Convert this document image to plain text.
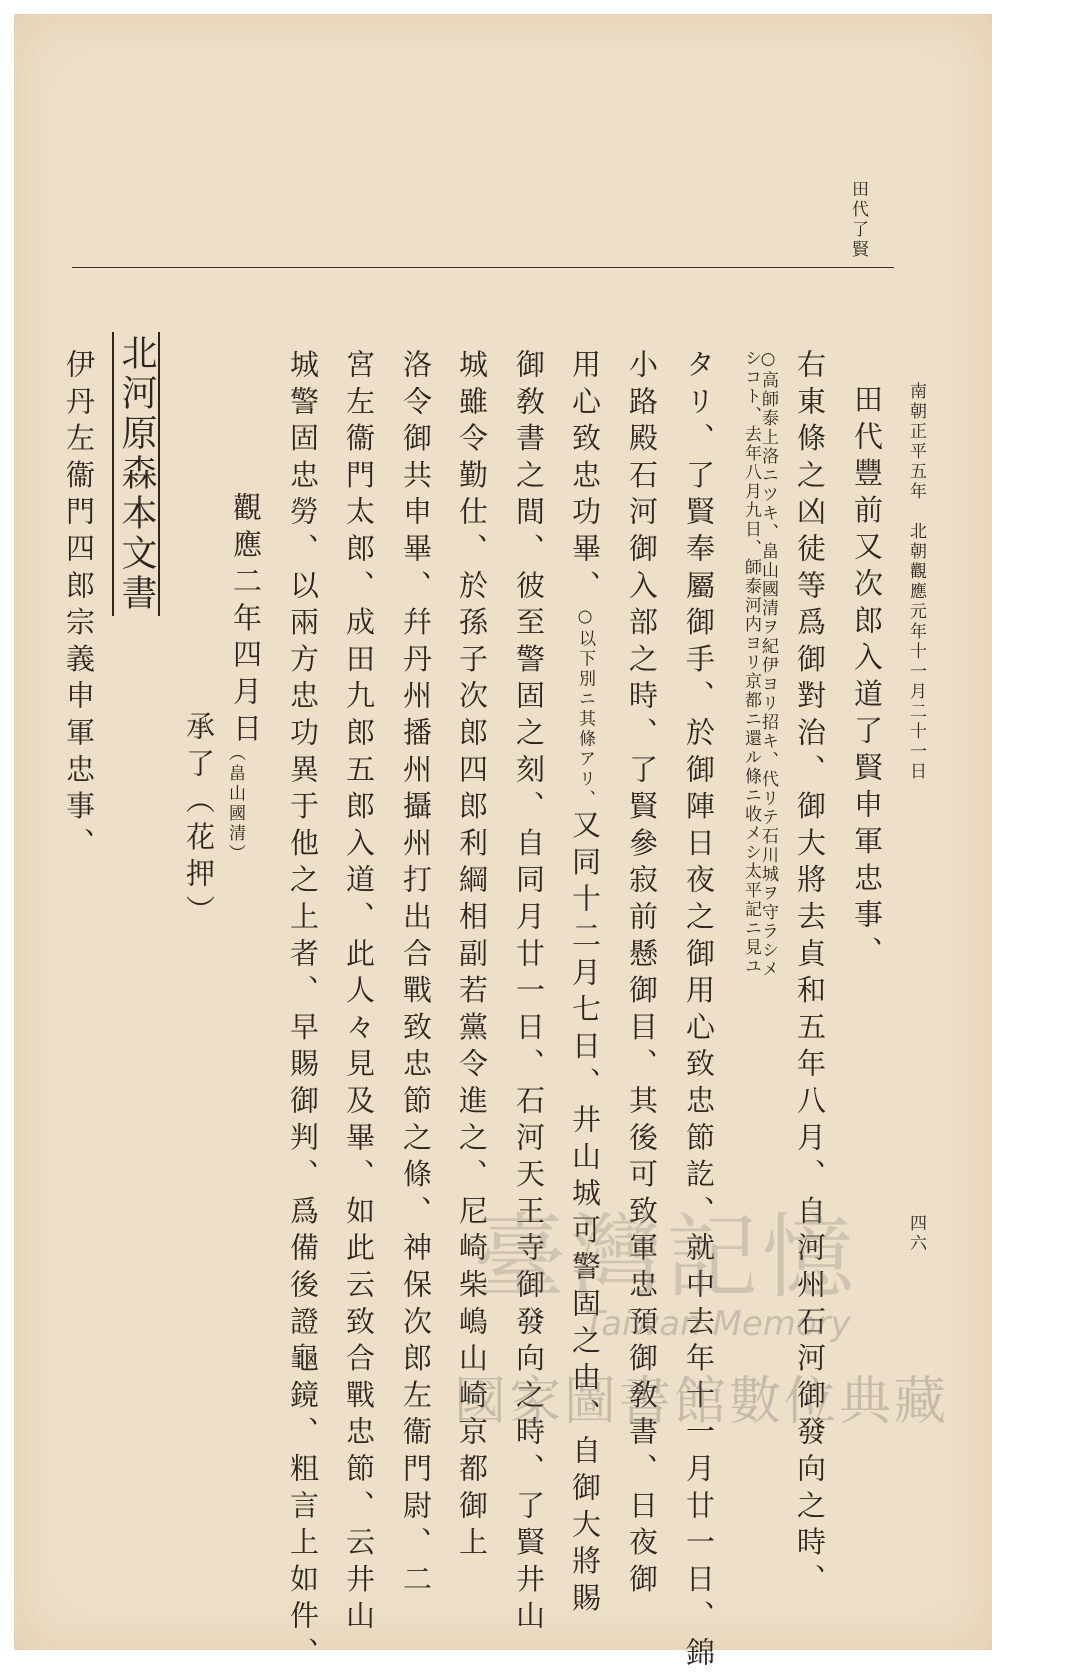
田代了賢
南朝正平五年　北朝觀應元年十一月二十一日
四六
田代豐前又次郎入道了賢申軍忠事、
右東條之凶徒等爲御對治、御大將去貞和五年八月、自河州石河御發向之時、
○高師泰上洛ニツキ、畠山國清ヲ紀伊ヨリ招キ、代リテ石川城ヲ守ラシメ
シコト、去年八月九日、師泰河内ヨリ京都ニ還ル條ニ收メシ太平記ニ見ユ
タリ、了賢奉屬御手、於御陣日夜之御用心致忠節訖、就中去年十一月廿一日、錦
小路殿石河御入部之時、了賢參寂前懸御目、其後可致軍忠預御敎書、日夜御
用心致忠功畢、○以下別ニ其條アリ、又同十二月七日、井山城可警固之由、自御大將賜
御敎書之間、彼至警固之刻、自同月廿一日、石河天王寺御發向之時、了賢井山
城雖令勤仕、於孫子次郎四郎利綱相副若黨令進之、尼崎柴嶋山崎京都御上
洛令御共申畢、幷丹州播州攝州打出合戰致忠節之條、神保次郎左衞門尉、二
宮左衞門太郎、成田九郎五郎入道、此人々見及畢、如此云致合戰忠節、云井山
城警固忠勞、以兩方忠功異于他之上者、早賜御判、爲備後證龜鏡、粗言上如件、
觀應二年四月日
承了（花押） （畠山國清）
北河原森本文書
伊丹左衞門四郎宗義申軍忠事、
臺灣記憶
Taiwan Memory
國家圖書館數位典藏
